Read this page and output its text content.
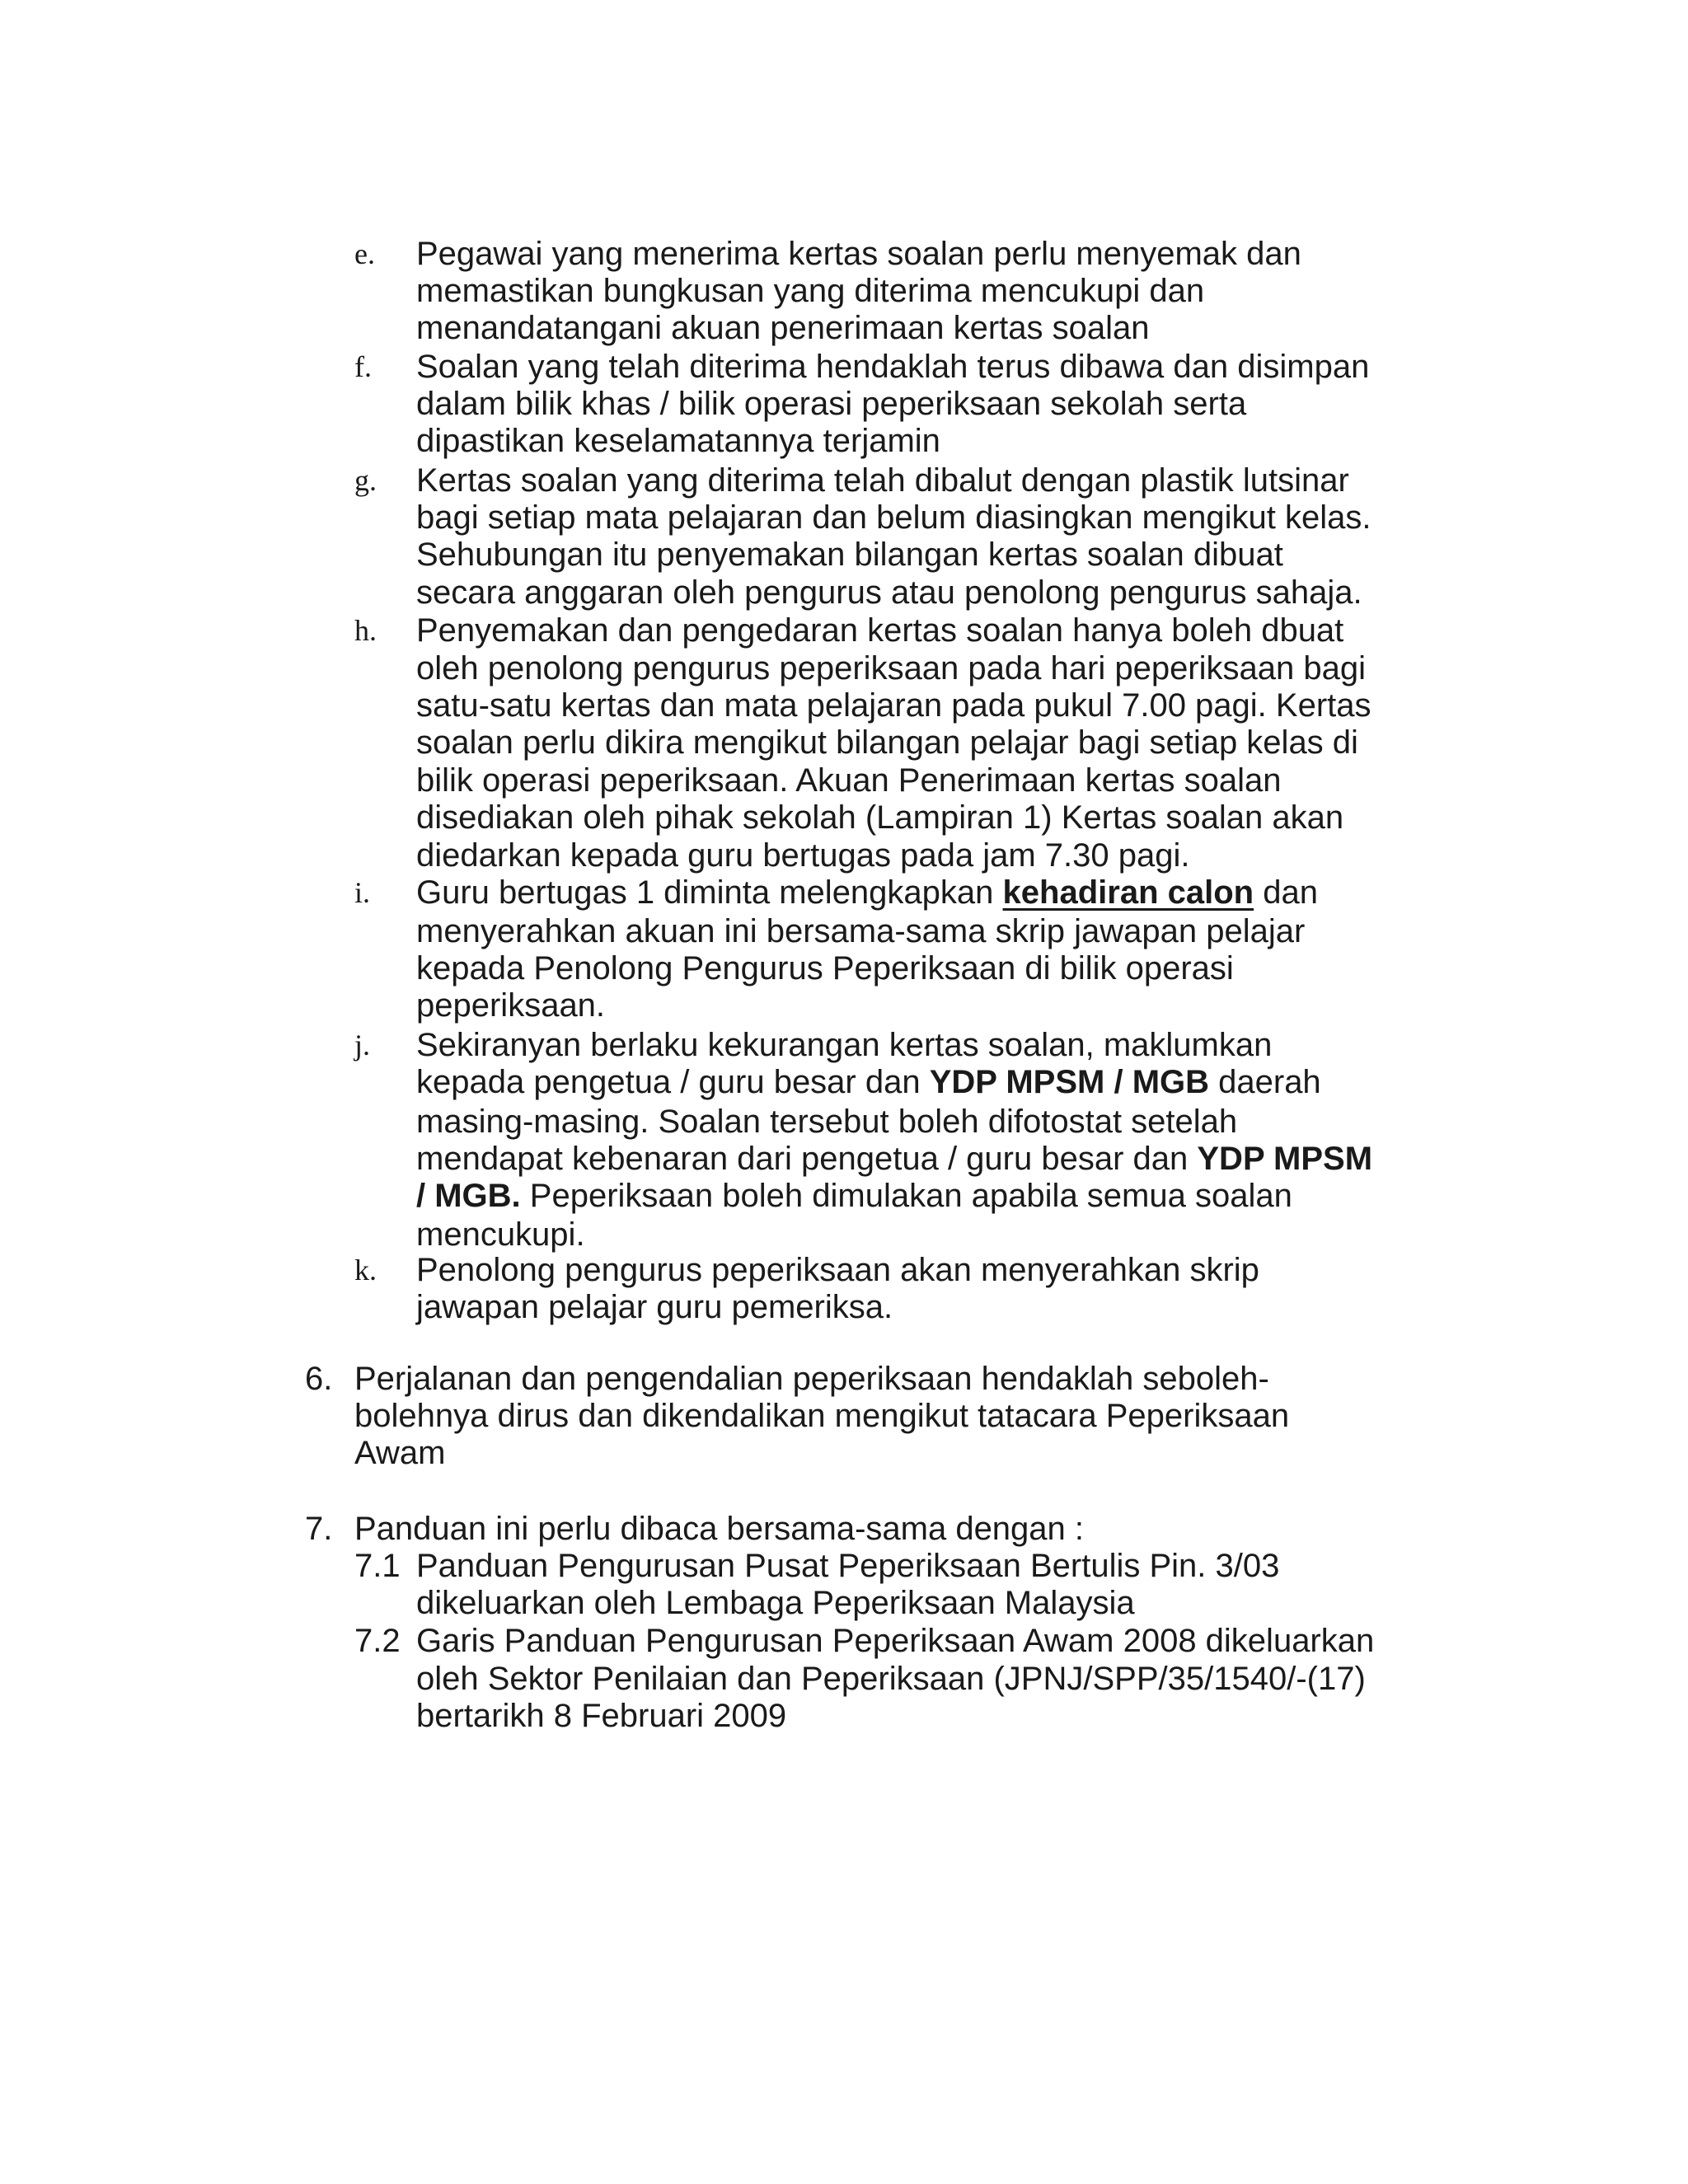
e. Pegawai yang menerima kertas soalan perlu menyemak dan
memastikan bungkusan yang diterima mencukupi dan
menandatangani akuan penerimaan kertas soalan
f. Soalan yang telah diterima hendaklah terus dibawa dan disimpan
dalam bilik khas / bilik operasi peperiksaan sekolah serta
dipastikan keselamatannya terjamin
g. Kertas soalan yang diterima telah dibalut dengan plastik lutsinar
bagi setiap mata pelajaran dan belum diasingkan mengikut kelas.
Sehubungan itu penyemakan bilangan kertas soalan dibuat
secara anggaran oleh pengurus atau penolong pengurus sahaja.
h. Penyemakan dan pengedaran kertas soalan hanya boleh dbuat
oleh penolong pengurus peperiksaan pada hari peperiksaan bagi
satu-satu kertas dan mata pelajaran pada pukul 7.00 pagi. Kertas
soalan perlu dikira mengikut bilangan pelajar bagi setiap kelas di
bilik operasi peperiksaan. Akuan Penerimaan kertas soalan
disediakan oleh pihak sekolah (Lampiran 1) Kertas soalan akan
diedarkan kepada guru bertugas pada jam 7.30 pagi.
i. Guru bertugas 1 diminta melengkapkan kehadiran calon dan
menyerahkan akuan ini bersama-sama skrip jawapan pelajar
kepada Penolong Pengurus Peperiksaan di bilik operasi
peperiksaan.
j. Sekiranyan berlaku kekurangan kertas soalan, maklumkan
kepada pengetua / guru besar dan YDP MPSM / MGB daerah
masing-masing. Soalan tersebut boleh difotostat setelah
mendapat kebenaran dari pengetua / guru besar dan YDP MPSM
/ MGB. Peperiksaan boleh dimulakan apabila semua soalan
mencukupi.
k. Penolong pengurus peperiksaan akan menyerahkan skrip
jawapan pelajar guru pemeriksa.
6. Perjalanan dan pengendalian peperiksaan hendaklah seboleh-
bolehnya dirus dan dikendalikan mengikut tatacara Peperiksaan
Awam
7. Panduan ini perlu dibaca bersama-sama dengan :
7.1 Panduan Pengurusan Pusat Peperiksaan Bertulis Pin. 3/03
dikeluarkan oleh Lembaga Peperiksaan Malaysia
7.2 Garis Panduan Pengurusan Peperiksaan Awam 2008 dikeluarkan
oleh Sektor Penilaian dan Peperiksaan (JPNJ/SPP/35/1540/-(17)
bertarikh 8 Februari 2009
